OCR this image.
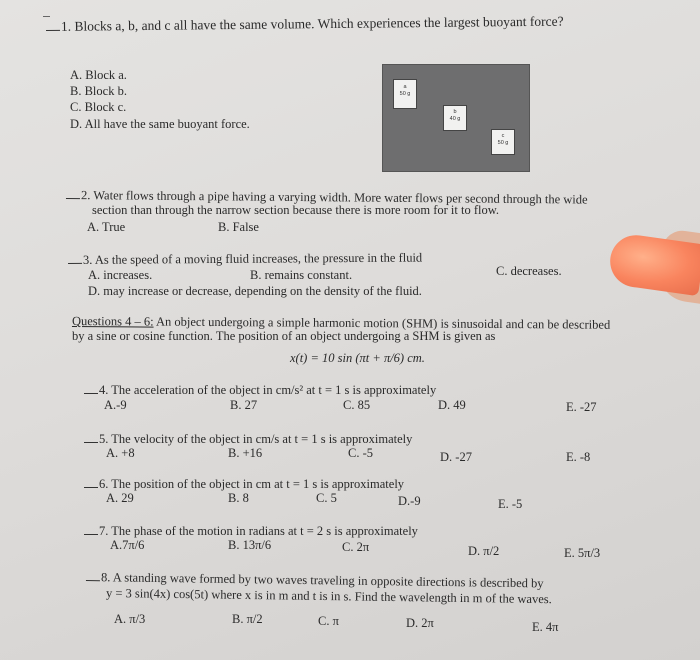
1. Blocks a, b, and c all have the same volume. Which experiences the largest buoyant force?
A. Block a.
B. Block b.
C. Block c.
D. All have the same buoyant force.
a
50 g
b
40 g
c
50 g
2. Water flows through a pipe having a varying width. More water flows per second through the wide
section than through the narrow section because there is more room for it to flow.
A. True	B. False
3. As the speed of a moving fluid increases, the pressure in the fluid
A. increases.	B. remains constant.	C. decreases.
D. may increase or decrease, depending on the density of the fluid.
Questions 4 – 6: An object undergoing a simple harmonic motion (SHM) is sinusoidal and can be described
by a sine or cosine function. The position of an object undergoing a SHM is given as
x(t) = 10 sin (πt + π/6) cm.
4. The acceleration of the object in cm/s² at t = 1 s is approximately
A.-9	B. 27	C. 85	D. 49	E. -27
5. The velocity of the object in cm/s at t = 1 s is approximately
A. +8	B. +16	C. -5	D. -27	E. -8
6. The position of the object in cm at t = 1 s is approximately
A. 29	B. 8	C. 5	D.-9	E. -5
7. The phase of the motion in radians at t = 2 s is approximately
A.7π/6	B. 13π/6	C. 2π	D. π/2	E. 5π/3
8. A standing wave formed by two waves traveling in opposite directions is described by
y = 3 sin(4x) cos(5t) where x is in m and t is in s. Find the wavelength in m of the waves.
A. π/3	B. π/2	C. π	D. 2π	E. 4π
